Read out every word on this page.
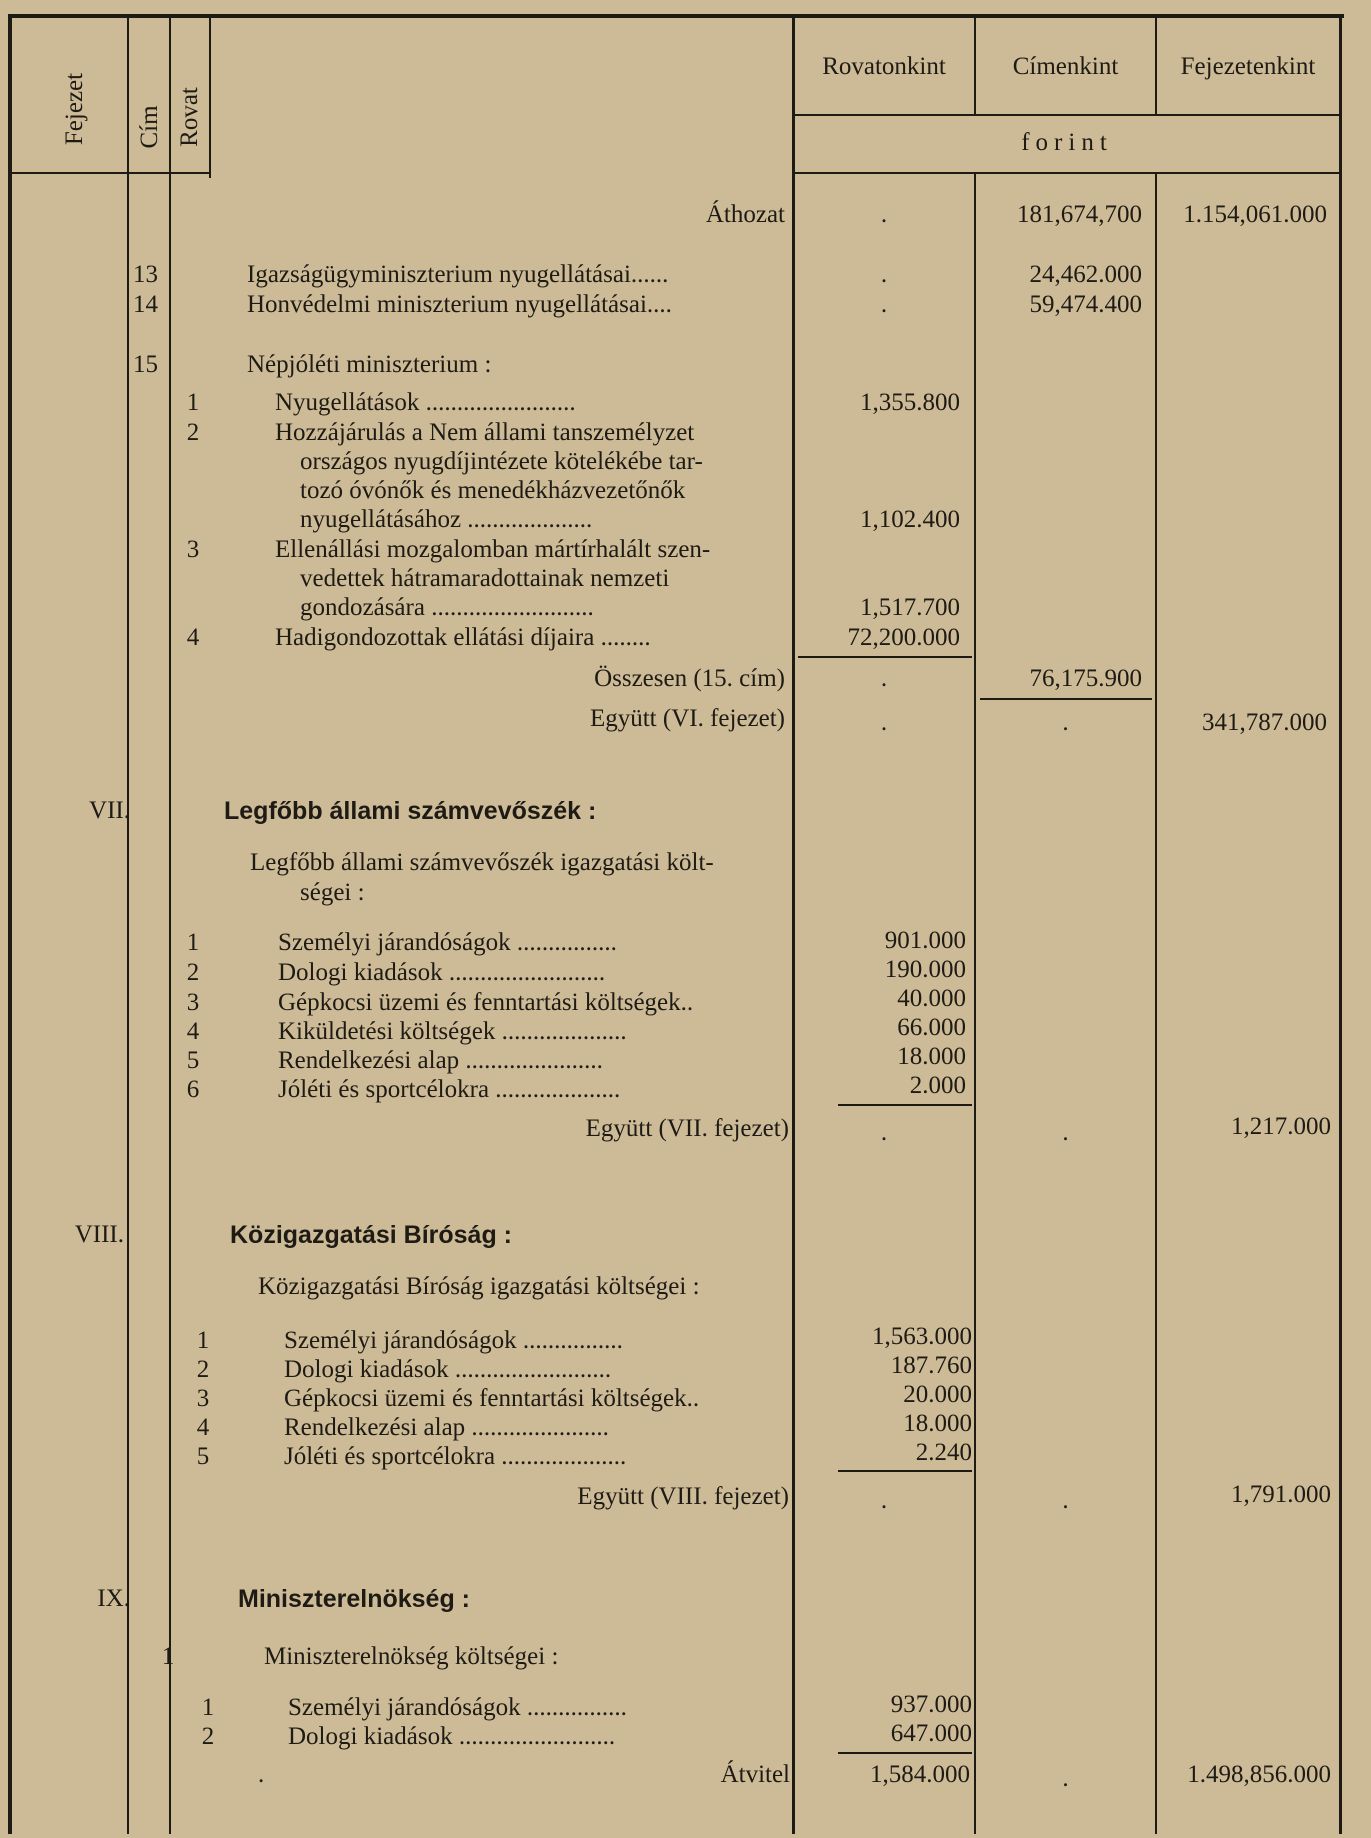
Fejezet Cím Rovat
Rovatonkint	Címenkint	Fejezetenkint
forint
Áthozat	.	181,674,700	1.154,061.000
13	Igazságügyminiszterium nyugellátásai......	.	24,462.000
14	Honvédelmi miniszterium nyugellátásai....	.	59,474.400
15	Népjóléti miniszterium :
1	Nyugellátások ........................	1,355.800
2	Hozzájárulás a Nem állami tanszemélyzet
országos nyugdíjintézete kötelékébe tar-
tozó óvónők és menedékházvezetőnők
nyugellátásához ....................	1,102.400
3	Ellenállási mozgalomban mártírhalált szen-
vedettek hátramaradottainak nemzeti
gondozására ..........................	1,517.700
4	Hadigondozottak ellátási díjaira ........	72,200.000
Összesen (15. cím)	.	76,175.900
Együtt (VI. fejezet)	.	.	341,787.000
VII.	Legfőbb állami számvevőszék :
Legfőbb állami számvevőszék igazgatási költ-
ségei :
1	Személyi járandóságok ................	901.000
2	Dologi kiadások .........................	190.000
3	Gépkocsi üzemi és fenntartási költségek..	40.000
4	Kiküldetési költségek ....................	66.000
5	Rendelkezési alap ......................	18.000
6	Jóléti és sportcélokra ....................	2.000
Együtt (VII. fejezet)	.	.	1,217.000
VIII.	Közigazgatási Bíróság :
Közigazgatási Bíróság igazgatási költségei :
1	Személyi járandóságok ................	1,563.000
2	Dologi kiadások .........................	187.760
3	Gépkocsi üzemi és fenntartási költségek..	20.000
4	Rendelkezési alap ......................	18.000
5	Jóléti és sportcélokra ....................	2.240
Együtt (VIII. fejezet)	.	.	1,791.000
IX.	Miniszterelnökség :
1	Miniszterelnökség költségei :
1	Személyi járandóságok ................	937.000
2	Dologi kiadások .........................	647.000
.	Átvitel	1,584.000	.	1.498,856.000
